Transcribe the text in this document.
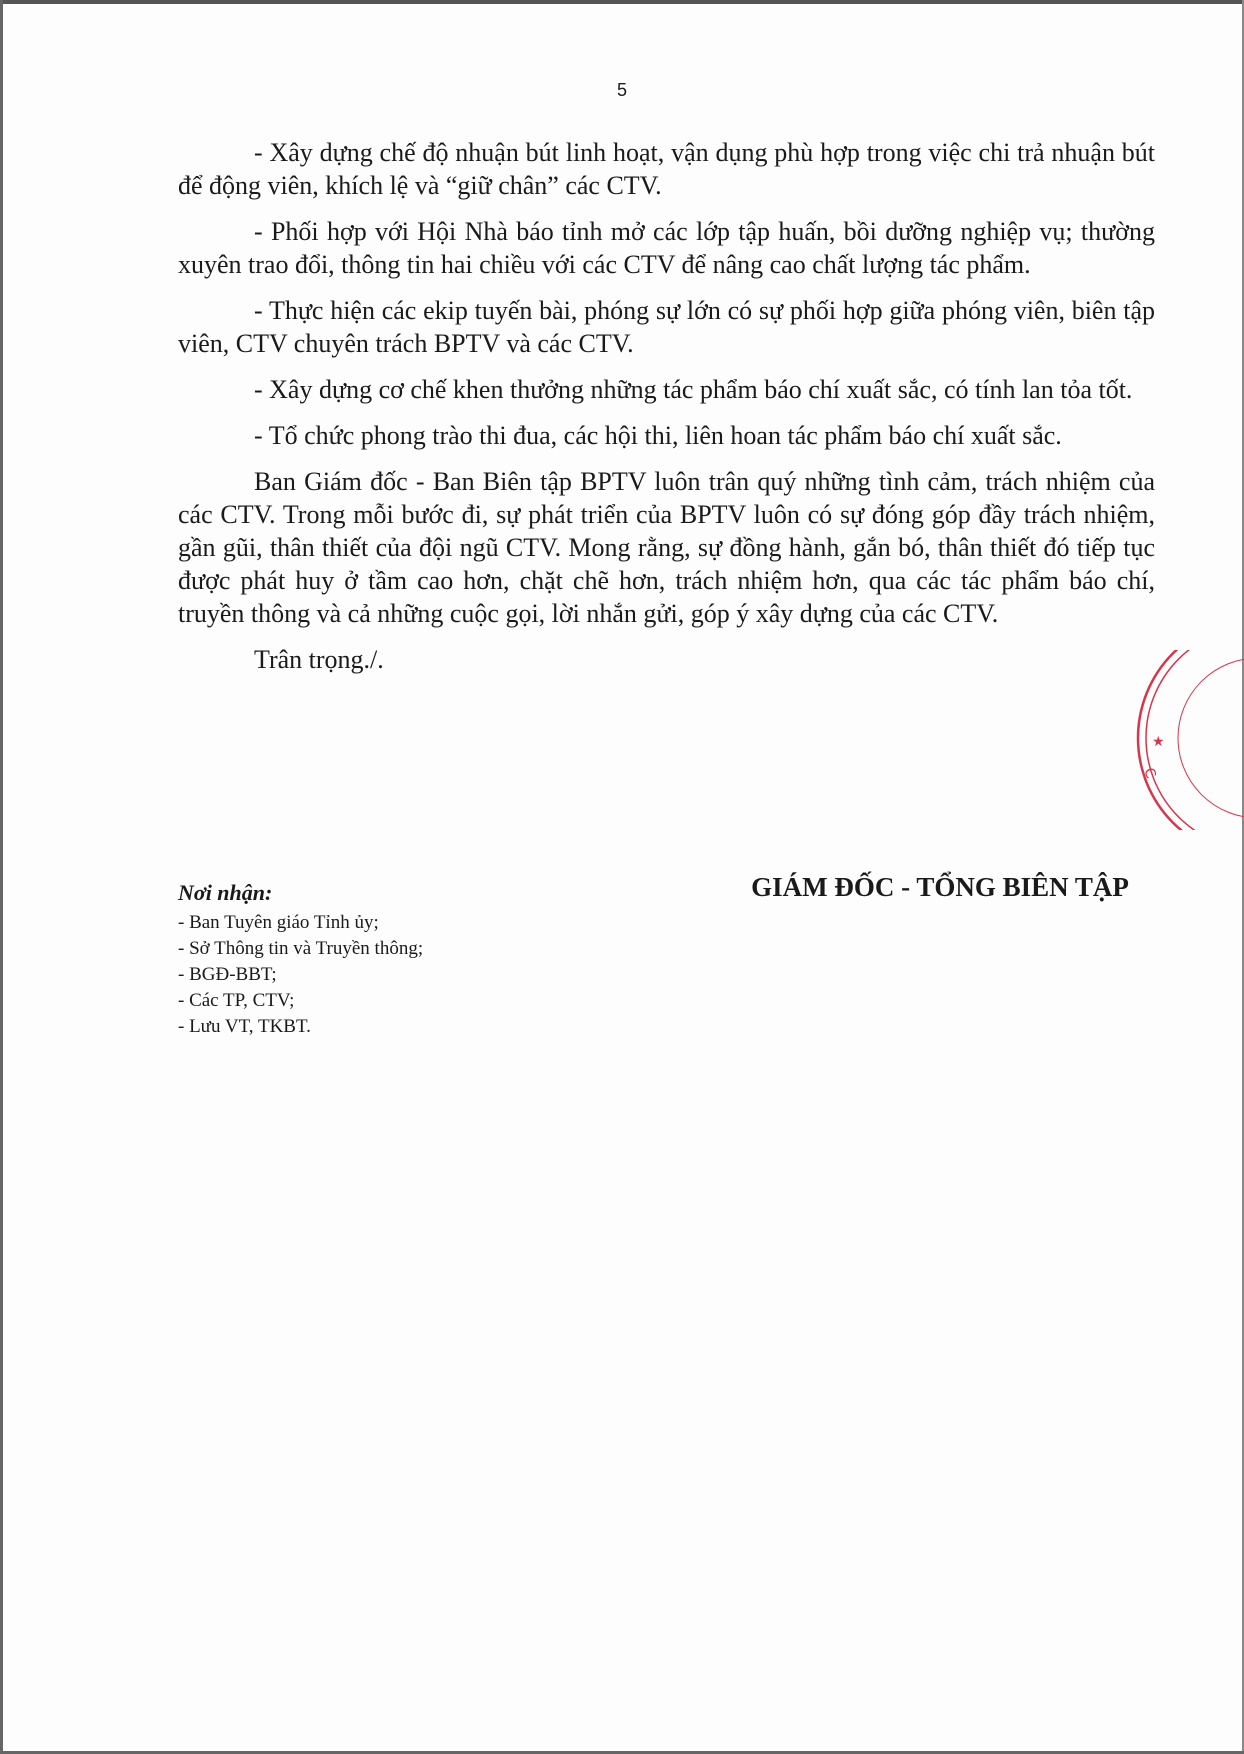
5

- Xây dựng chế độ nhuận bút linh hoạt, vận dụng phù hợp trong việc chi trả nhuận bút để động viên, khích lệ và “giữ chân” các CTV.

- Phối hợp với Hội Nhà báo tỉnh mở các lớp tập huấn, bồi dưỡng nghiệp vụ; thường xuyên trao đổi, thông tin hai chiều với các CTV để nâng cao chất lượng tác phẩm.

- Thực hiện các ekip tuyến bài, phóng sự lớn có sự phối hợp giữa phóng viên, biên tập viên, CTV chuyên trách BPTV và các CTV.

- Xây dựng cơ chế khen thưởng những tác phẩm báo chí xuất sắc, có tính lan tỏa tốt.

- Tổ chức phong trào thi đua, các hội thi, liên hoan tác phẩm báo chí xuất sắc.

Ban Giám đốc - Ban Biên tập BPTV luôn trân quý những tình cảm, trách nhiệm của các CTV. Trong mỗi bước đi, sự phát triển của BPTV luôn có sự đóng góp đầy trách nhiệm, gần gũi, thân thiết của đội ngũ CTV. Mong rằng, sự đồng hành, gắn bó, thân thiết đó tiếp tục được phát huy ở tầm cao hơn, chặt chẽ hơn, trách nhiệm hơn, qua các tác phẩm báo chí, truyền thông và cả những cuộc gọi, lời nhắn gửi, góp ý xây dựng của các CTV.

Trân trọng./.

Nơi nhận:
- Ban Tuyên giáo Tỉnh ủy;
- Sở Thông tin và Truyền thông;
- BGĐ-BBT;
- Các TP, CTV;
- Lưu VT, TKBT.
GIÁM ĐỐC - TỔNG BIÊN TẬP
★
C
